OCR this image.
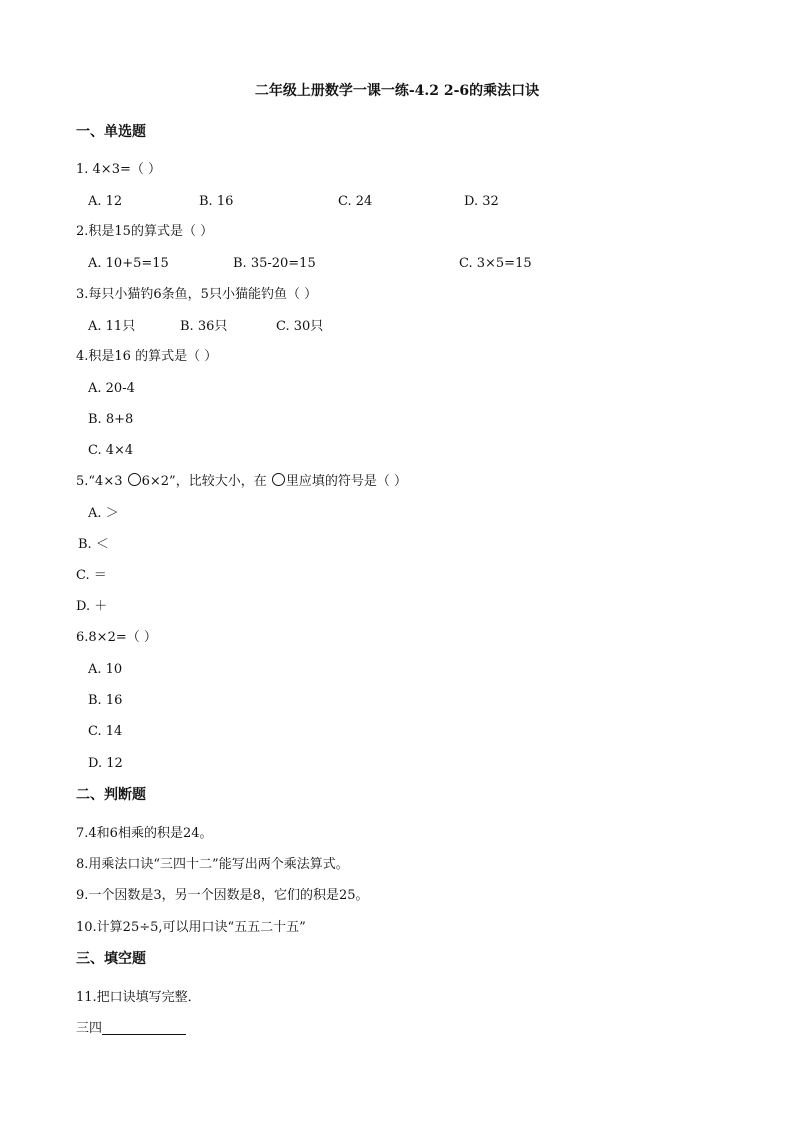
二年级上册数学一课一练-4.2 2-6的乘法口诀
一、单选题
1. 4×3=（ ）
A. 12	B. 16	C. 24	D. 32
2.积是15的算式是（ ）
A. 10+5=15	B. 35-20=15	C. 3×5=15
3.每只小猫钓6条鱼，5只小猫能钓鱼（ ）
A. 11只	B. 36只	C. 30只
4.积是16 的算式是（ ）
A. 20-4
B. 8+8
C. 4×4
5.“4×3 6×2”，比较大小，在 里应填的符号是（ ）
A. ＞
B. ＜
C. ＝
D. ＋
6.8×2=（ ）
A. 10
B. 16
C. 14
D. 12
二、判断题
7.4和6相乘的积是24。
8.用乘法口诀“三四十二”能写出两个乘法算式。
9.一个因数是3，另一个因数是8，它们的积是25。
10.计算25÷5,可以用口诀“五五二十五”
三、填空题
11.把口诀填写完整．
三四
